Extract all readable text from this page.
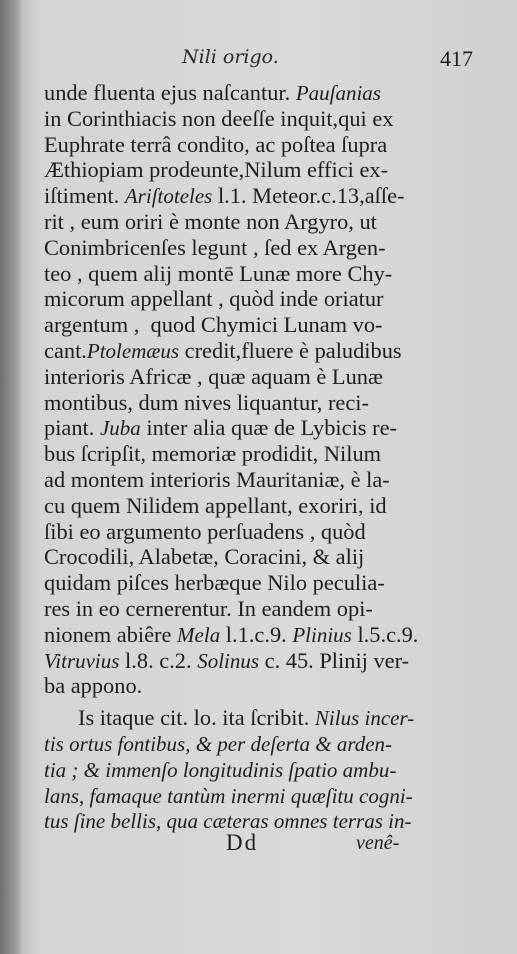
Nili origo.	417
unde fluenta ejus naſcantur. Pauſanias
in Corinthiacis non deeſſe inquit,qui ex
Euphrate terrâ condito, ac poſtea ſupra
Æthiopiam prodeunte,Nilum effici ex-
iſtiment. Ariſtoteles l.1. Meteor.c.13,aſſe-
rit , eum oriri è monte non Argyro, ut
Conimbricenſes legunt , ſed ex Argen-
teo , quem alij montē Lunæ more Chy-
micorum appellant , quòd inde oriatur
argentum ,  quod Chymici Lunam vo-
cant.Ptolemæus credit,fluere è paludibus
interioris Africæ , quæ aquam è Lunæ
montibus, dum nives liquantur, reci-
piant. Juba inter alia quæ de Lybicis re-
bus ſcripſit, memoriæ prodidit, Nilum
ad montem interioris Mauritaniæ, è la-
cu quem Nilidem appellant, exoriri, id
ſibi eo argumento perſuadens , quòd
Crocodili, Alabetæ, Coracini, & alij
quidam piſces herbæque Nilo peculia-
res in eo cernerentur. In eandem opi-
nionem abiêre Mela l.1.c.9. Plinius l.5.c.9.
Vitruvius l.8. c.2. Solinus c. 45. Plinij ver-
ba appono.
Is itaque cit. lo. ita ſcribit. Nilus incer-
tis ortus fontibus, & per deſerta & arden-
tia ; & immenſo longitudinis ſpatio ambu-
lans, famaque tantùm inermi quæſitu cogni-
tus ſine bellis, qua cæteras omnes terras in-
Dd	venê-
